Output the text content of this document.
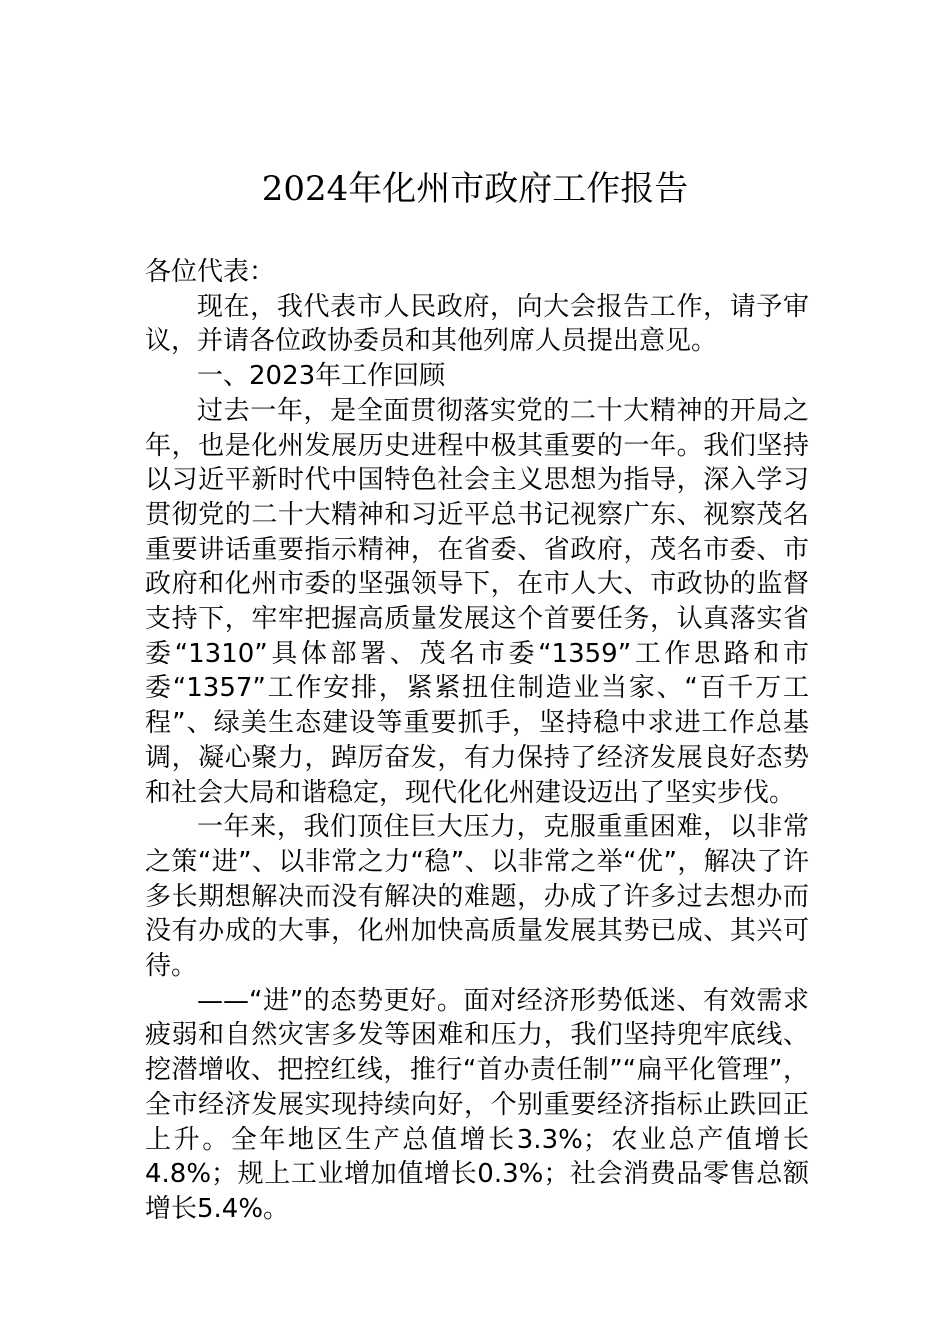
2024年化州市政府工作报告

各位代表：

现在，我代表市人民政府，向大会报告工作，请予审议，并请各位政协委员和其他列席人员提出意见。

一、2023年工作回顾

过去一年，是全面贯彻落实党的二十大精神的开局之年，也是化州发展历史进程中极其重要的一年。我们坚持以习近平新时代中国特色社会主义思想为指导，深入学习贯彻党的二十大精神和习近平总书记视察广东、视察茂名重要讲话重要指示精神，在省委、省政府，茂名市委、市政府和化州市委的坚强领导下，在市人大、市政协的监督支持下，牢牢把握高质量发展这个首要任务，认真落实省委“1310”具体部署、茂名市委“1359”工作思路和市委“1357”工作安排，紧紧扭住制造业当家、“百千万工程”、绿美生态建设等重要抓手，坚持稳中求进工作总基调，凝心聚力，踔厉奋发，有力保持了经济发展良好态势和社会大局和谐稳定，现代化化州建设迈出了坚实步伐。

一年来，我们顶住巨大压力，克服重重困难，以非常之策“进”、以非常之力“稳”、以非常之举“优”，解决了许多长期想解决而没有解决的难题，办成了许多过去想办而没有办成的大事，化州加快高质量发展其势已成、其兴可待。

——“进”的态势更好。面对经济形势低迷、有效需求疲弱和自然灾害多发等困难和压力，我们坚持兜牢底线、挖潜增收、把控红线，推行“首办责任制”“扁平化管理”，全市经济发展实现持续向好，个别重要经济指标止跌回正上升。全年地区生产总值增长3.3%；农业总产值增长4.8%；规上工业增加值增长0.3%；社会消费品零售总额增长5.4%。
